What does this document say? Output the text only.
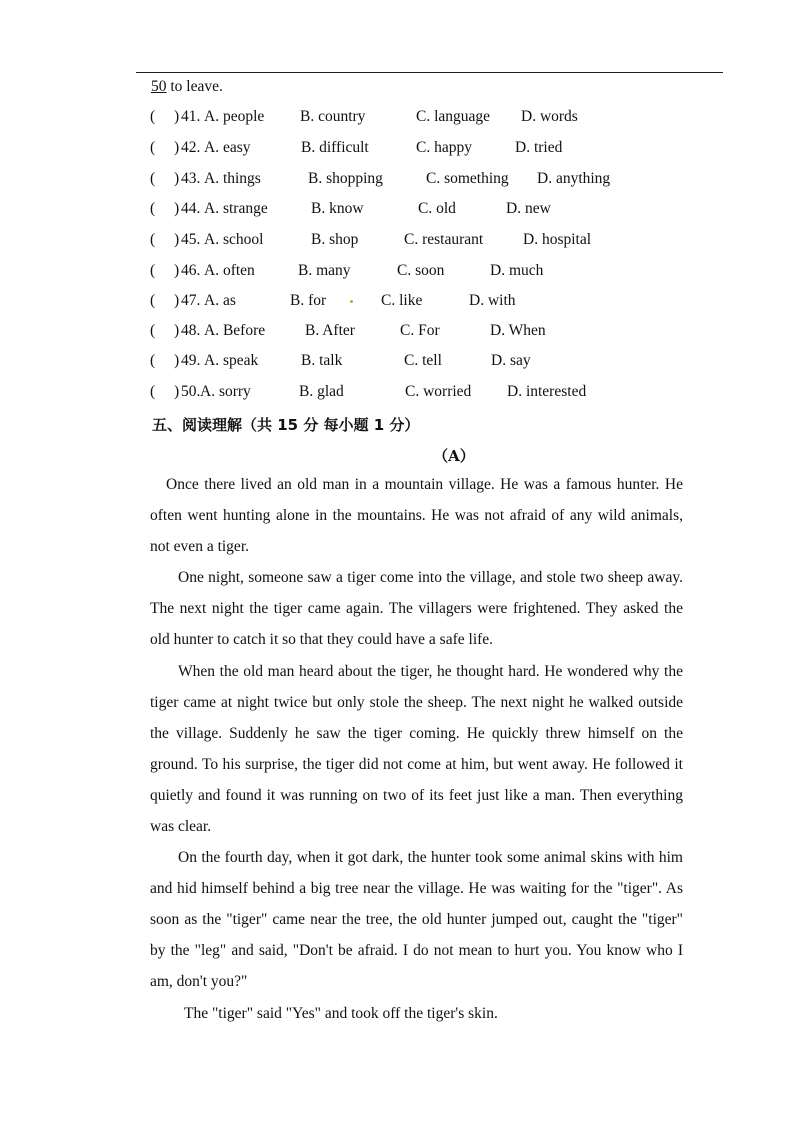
50 to leave.
( ) 41. A. people B. country	C. language D. words
( ) 42. A. easy	B. difficult	C. happy	D. tried
( ) 43. A. things	B. shopping	C. something D. anything
( ) 44. A. strange	B. know	C. old	D. new
( ) 45. A. school	B. shop	C. restaurant	D. hospital
( ) 46. A. often	B. many	C. soon	D. much
( ) 47. A. as	B. for	C. like	D. with
( ) 48. A. Before	B. After	C. For	D. When
( ) 49. A. speak	B. talk	C. tell	D. say
( ) 50. A. sorry	B. glad	C. worried D. interested
五、阅读理解（共 15 分 每小题 1 分）
（A）

Once there lived an old man in a mountain village. He was a famous hunter. He often went hunting alone in the mountains. He was not afraid of any wild animals, not even a tiger.

One night, someone saw a tiger come into the village, and stole two sheep away. The next night the tiger came again. The villagers were frightened. They asked the old hunter to catch it so that they could have a safe life.

When the old man heard about the tiger, he thought hard. He wondered why the tiger came at night twice but only stole the sheep. The next night he walked outside the village. Suddenly he saw the tiger coming. He quickly threw himself on the ground. To his surprise, the tiger did not come at him, but went away. He followed it quietly and found it was running on two of its feet just like a man. Then everything was clear.

On the fourth day, when it got dark, the hunter took some animal skins with him and hid himself behind a big tree near the village. He was waiting for the "tiger". As soon as the "tiger" came near the tree, the old hunter jumped out, caught the "tiger" by the "leg" and said, "Don't be afraid. I do not mean to hurt you. You know who I am, don't you?"

The "tiger" said "Yes" and took off the tiger's skin.
